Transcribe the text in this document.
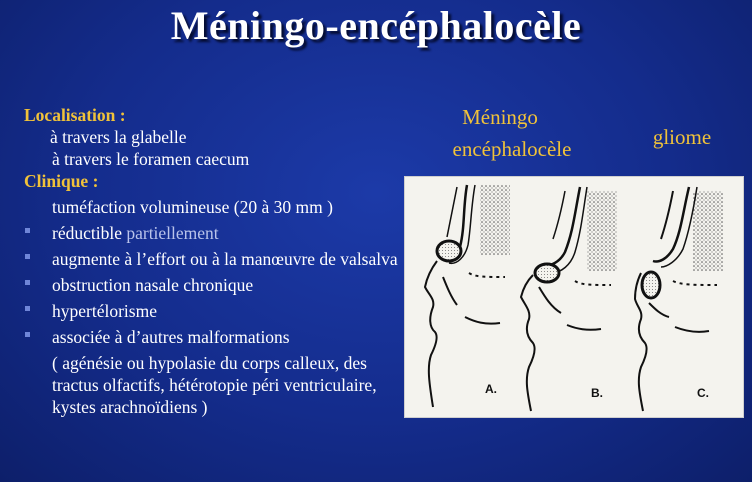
Méningo-encéphalocèle
Localisation :
à travers la glabelle
à travers le foramen caecum
Clinique :
tuméfaction volumineuse (20 à 30 mm )
réductible partiellement
augmente à l’effort ou à la manœuvre de valsalva
obstruction nasale chronique
hypertélorisme
associée à d’autres malformations
( agénésie ou hypolasie du corps calleux, des tractus olfactifs, hétérotopie péri ventriculaire, kystes arachnoïdiens )
Méningo
encéphalocèle	gliome
A.	B.	C.
